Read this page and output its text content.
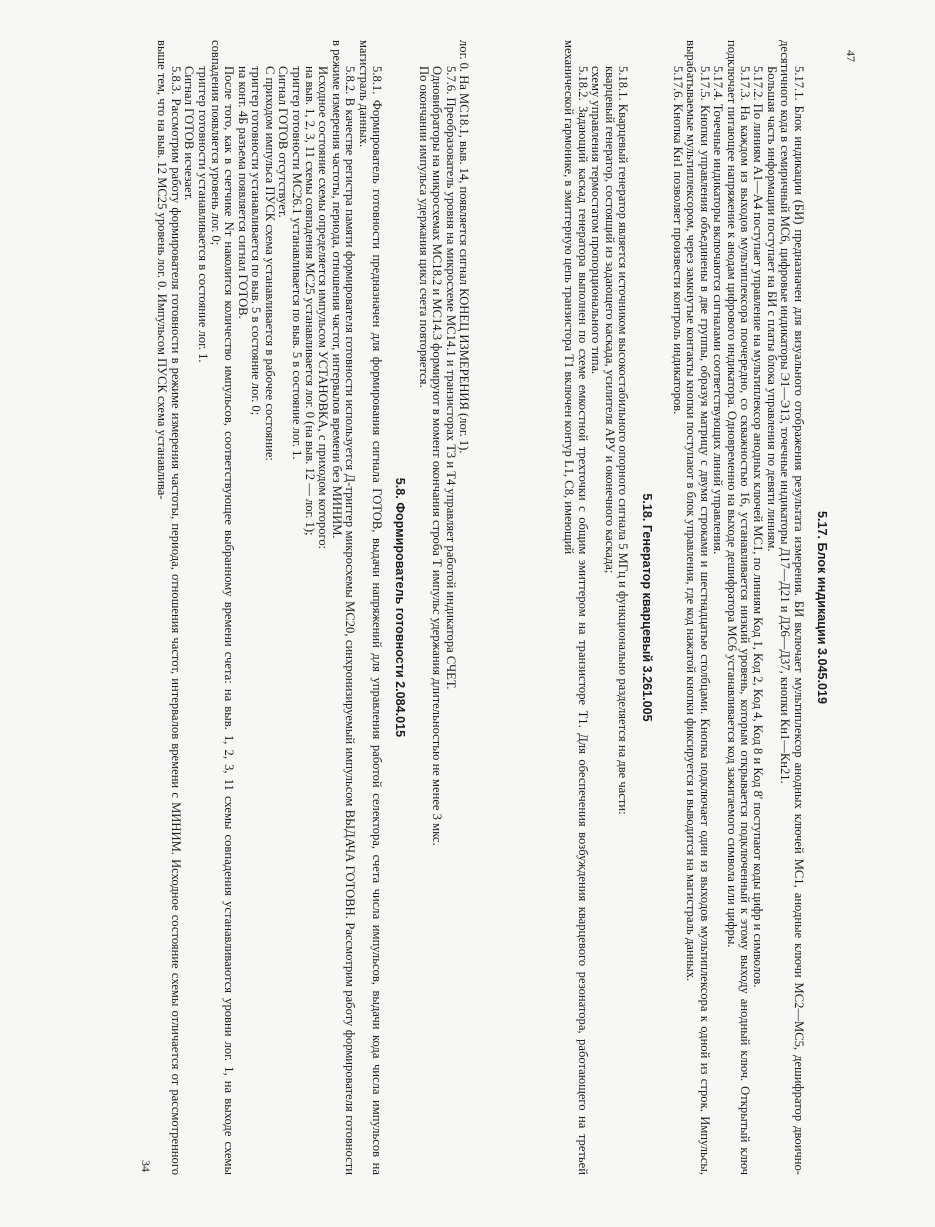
лог. 0. На МС18.1, выв. 14, появляется сигнал КОНЕЦ ИЗМЕРЕНИЯ (лог. 1).

5.7.6. Преобразователь уровня на микросхеме МС14.1 и транзисторах Т3 и Т4 управляет работой индикатора СЧЕТ.

Одновибраторы на микросхемах МС18.2 и МС14.3 формируют в момент окончания строба Т импульс удержания длительностью не менее 3 мкс.

По окончании импульса удержания цикл счета повторяется.

5.8. Формирователь готовности 2.084.015

5.8.1. Формирователь готовности предназначен для формирования сигнала ГОТОВ, выдачи напряжений для управления работой селектора, счета числа импульсов, выдачи кода числа импульсов на магистраль данных.

5.8.2. В качестве регистра памяти формирователя готовности используется Д-триггер микросхемы МС20, синхронизируемый импульсом ВЫДАЧА ГОТОВН. Рассмотрим работу формирователя готовности в режиме измерения частоты, периода, отношения частот, интервалов времени без МИНИМ.

Исходное состояние схемы определяется импульсом УСТАНОВКА, с приходом которого:

на выв. 1, 2, 3, 11 схемы совпадения МС25 устанавливается лог. 0 (на выв. 12 — лог. 1);

триггер готовности МС26.1 устанавливается по выв. 5 в состояние лог. 1.

Сигнал ГОТОВ отсутствует.

С приходом импульса ПУСК схема устанавливается в рабочее состояние:

триггер готовности устанавливается по выв. 5 в состояние лог. 0;

на конт. 4Б разъема появляется сигнал ГОТОВ.

После того, как в счетчике Nт наколится количество импульсов, соответствующее выбранному времени счета: на выв. 1, 2, 3, 11 схемы совпадения устанавливаются уровни лог. 1, на выходе схемы совпадения появляется уровень лог. 0;

триггер готовности устанавливается в состояние лог. 1.

Сигнал ГОТОВ исчезает.

5.8.3. Рассмотрим работу формирователя готовности в режиме измерения частоты, периода, отношения частот, интервалов времени с МИНИМ. Исходное состояние схемы отличается от рассмотренного выше тем, что на выв. 12 МС25 уровень лог. 0. Импульсом ПУСК схема устанавлива-

34
5.17. Блок индикации 3.045.019

5.17.1. Блок индикации (БИ) предназначен для визуального отображения результата измерения. БИ включает мультиплексор анодных ключей МС1, анодные ключи МС2—МС5, дешифратор двоично-десятичного кода в семиричный МС6, цифровые индикаторы Э1—Э13, точечные индикаторы Д17—Д21 и Д26—Д37, кнопки Кн1—Кн21.

Большая часть информации поступает на БИ с платы блока управления по девяти линиям.

5.17.2. По линиям А1—А4 поступает управление на мультиплексор анодных ключей МС1, по линиям Код 1, Код 2, Код 4, Код 8 и Код 8' поступают коды цифр и символов.

5.17.3. На каждом из выходов мультиплексора поочередно, со скважностью 16, устанавливается низкий уровень, которым открывается подключенный к этому выходу анодный ключ. Открытый ключ подключает питающее напряжение к анодам цифрового индикатора. Одновременно на выходе дешифратора МС6 устанавливается код зажигаемого символа или цифры.

5.17.4. Точечные индикаторы включаются сигналами соответствующих линий управления.

5.17.5. Кнопки управления объединены в две группы, образуя матрицу с двумя строками и шестнадцатью столбцами. Кнопка подключает один из выходов мультиплексора к одной из строк. Импульсы, вырабатываемые мультиплексором, через замкнутые контакты кнопки поступают в блок управления, где код нажатой кнопки фиксируется и выводится на магистраль данных.

5.17.6. Кнопка Кн1 позволяет произвести контроль индикаторов.

5.18. Генератор кварцевый 3.261.005

5.18.1. Кварцевый генератор является источником высокостабильного опорного сигнала 5 МГц и функционально разделяется на две части:

кварцевый генератор, состоящий из задающего каскада, усилителя АРУ и оконечного каскада;

схему управления термостатом пропорционального типа.

5.18.2. Задающий каскад генератора выполнен по схеме емкостной трехточки с общим эмиттером на транзисторе Т1. Для обеспечения возбуждения кварцевого резонатора, работающего на третьей механической гармонике, в эмиттерную цепь транзистора Т1 включен контур L1, С8, имеющий	47
